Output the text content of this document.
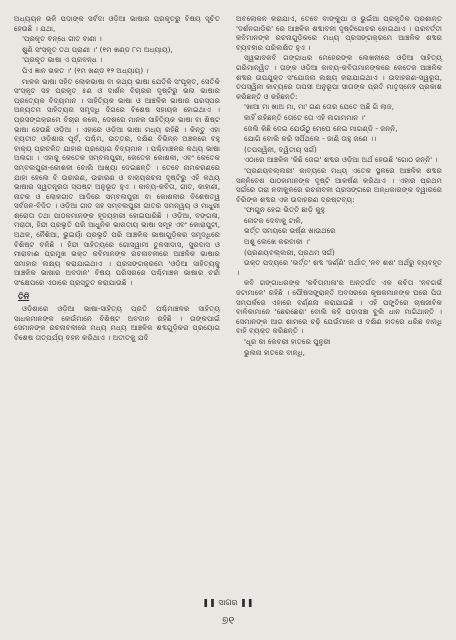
ଅଧ୍ୟୟନ ଭଳି ପଦାଙ୍କ ସର୍ବଦା ଓଡ଼ିଆ ଭାଷାର ପ୍ରକୃତରୁ ବିଷୟ ସୂଚିତ ହେଉଛି । ଯଥା,

'ପ୍ରକୃତ ବନ୍ଧେ ଗୀତ ବାଣୀ ।

ଶୁଣି ସଂସ୍କୃତ ତଥ ପ୍ରାଣୀ ।' (୧ମ ଖଣ୍ଡ ୮ମ ଅଧ୍ୟାୟ),

'ପ୍ରକୃତ ଭାଷା ଏ ପ୍ରବନ୍ଧ ।

ପିଏ ଜ୍ଞାନ ଭକତ ।' (୧ମ ଖଣ୍ଡ ୧୨ ଅଧ୍ୟାୟ) ।

ମାଳକ ଭାଷା ସହିତ ଲୋକଭାଷା ବା କଥ୍ୟ ଭାଷା ଯେତିକି ସଂପୃକ୍ତ, ସେତିକି ସଂସ୍କୃତ ସହ ପ୍ରକୃତ ୫ଣ ଓ ଦାର୍ଶନ ବିଚାରର ଦୃଷ୍ଟିରୁ ଭଲ ଭାଷାର ପ୍ରତ୍ୟେକ ବିଦ୍ୟମାନ । ସାହିତ୍ୟିକ ଭାଷା ଓ ଆଞ୍ଚଳିକ ଭାଷାର ପରସ୍ପର ଅନ୍ୟତମ ସାହିତ୍ୟର ସମୃଦ୍ଧି ଦିଗରେ ବିଶେଷ ସହାୟକ ହୋଇଥାଏ । ପ୍ରସଙ୍ଗକ୍ରମେ ବିଚାର କଲେ, ଦେଶରେ ମାନକ ସାହିତ୍ୟିକ ଭାଷା ବା ଶିଷ୍ଟ ଭାଷା ହେଉଛି ଓଡ଼ିଆ । ଏହାରେ ଓଡ଼ିଆ ଭାଷା ମଧ୍ୟ ରହିଛି । କିନ୍ତୁ ଏହା ବ୍ୟତୀତ ଓଡ଼ିଶାର ପୂର୍ବ, ପଶ୍ଚିମ, ଉତ୍ତର, ଦକ୍ଷିଣ ବିଭିନ୍ନ ଅଞ୍ଚଳରେ ବହୁ ବାକ୍ୟ ପ୍ରଚଳିତ ଯାହାର ପ୍ରୟୋଗ ବିଦ୍ୟମାନ । ପଶ୍ଚିମାଞ୍ଚଳର କଥ୍ୟ ଭାଷା ଅଲଗା । ଏହାକୁ କେତେକ ସମ୍ବଲପୁରୀ, କେତେକ କୋଶଳୀ, ଏବଂ କେତେକ ସମ୍ବଲପୁରୀ-କୋଶଳୀ ବୋଲି ଆଖ୍ୟା ଦେଇଛନ୍ତି । ତେବେ ନାମକରଣରେ ଯାହା ହେଲେ ବି ଉଚ୍ଚାରଣ, ଉଚ୍ଚାରଣ ଓ ବାକ୍ୟରଚନା ଦୃଷ୍ଟିରୁ ଏହି କଥ୍ୟ ଭାଷାର ସ୍ୱତନ୍ତ୍ରତା ସ୍ପଷ୍ଟ ଅନୁଭୂତ ହୁଏ । କାବ୍ୟ-କବିତା, ଗୀତ, କାହାଣୀ, ନାଟକ ଓ ଲୋକଗୀତ ଆଦିରେ ସମ୍ବଲପୁରୀ ବା କୋଶଳୀର ବିଶେଷତ୍ୱ ସର୍ବଜନ-ବିଦିତ । ଓଡ଼ିଆ ଗୀତ ସହ ସମ୍ବଲପୁରୀ ଗୀତର ସମନ୍ୱୟ ଓ ମାଧୁରୀ ଶ୍ରୋତା ତଥା ପାଠକମାନଙ୍କ ହୃଦୟହାରୀ ହୋଇପାରିଛି । ଓଡ଼ିଆ, ବଙ୍ଗଳା, ମରାଠୀ, ହିନ୍ଦୀ ପ୍ରଭୃତି ପରି ଆଧୁନିକ ଭାରତୀୟ ଭାଷା ସମୂହ ଏବଂ କୋରାପୁଟୀ, ଅଥଳ, ନୈଶିଆ, ଭୁଇୟାଁ ପ୍ରଭୃତି ପରି ଆଞ୍ଚଳିକ ଭାଷାଗୁଡ଼ିକର ସମୃଦ୍ଧିରେ ବିଶିଷ୍ଟ ବଳିଛି । ହିନ୍ଦୀ ସାହିତ୍ୟରେ ଗୋସ୍ୱାମୀ ତୁଳସୀଦାସ, ସୁରଦାସ ଓ ମୀରାବାଈ ପ୍ରମୁଖ ଭକ୍ତ କବିମାନଙ୍କ ରଚନାବଳୀରେ ଆଞ୍ଚଳିକ ଭାଷାର ସମାହାର ଲକ୍ଷ୍ୟ କରାଯାଇଥାଏ । ପ୍ରସଙ୍ଗକ୍ରମେ 'ଓଡ଼ିଆ ସାହିତ୍ୟକୁ ଆଞ୍ଚଳିକ ଭାଷାର ଅବଦାନ' ବିଷୟ ପରିସରରେ ପଶ୍ଚିମାଞ୍ଚଳ ଭାଷାର ଚର୍ଚ୍ଚା ସଂକ୍ଷେପରେ ଏଠାରେ ପ୍ରସ୍ତୁତ କରାଯାଉଛି ।

ତିନି

ଓଡ଼ିଶାରେ ଓଡ଼ିଆ ଭାଷା-ସାହିତ୍ୟ ପ୍ରତି ପଶ୍ଚିମାଞ୍ଚଳର ସାହିତ୍ୟ ସାଧକମାନଙ୍କ କେଉଁମାନେ ବିଶିଷ୍ଟ ଅବଦାନ ରହିଛି । ତାଙ୍କପାଇଁ ସେମାନଙ୍କ ରଚନାବଳୀରେ ମଧ୍ୟ ମଧ୍ୟ ଆଞ୍ଚଳିକ ଶବ୍ଦଗୁଡ଼ିକର ପ୍ରୟୋଗ ବିଶେଷ ତାତ୍ପର୍ଯ୍ୟ ବହନ କରିଥାଏ । ଅତୀତକୁ ଯଦି

ଅବଲୋକନ କରାଯାଏ, ତେବେ ବାଙ୍କୁପା ଓ ଭୁଇଁଆ ପ୍ରକୃତିକ ପ୍ରଶାନ୍ତ 'ଦର୍ଶନଗାଡ଼ିର' ରେ ଆଞ୍ଚଳିକ ଶବ୍ଦାବଳୀ ଦୃଷ୍ଟିଗୋଚର ହୋଇଥାଏ । ପରବର୍ତ୍ତୀ କବିମାନଙ୍କ ରଚନାଗୁଡ଼ିକରେ ମଧ୍ୟ ପ୍ରସଙ୍ଗକ୍ରମେ ଆଞ୍ଚଳିକ ଶବ୍ଦର ବ୍ୟବହାର ପରିଲକ୍ଷିତ ହୁଏ ।

ସ୍ୱଭାବକବି ଗଙ୍ଗାଧର ମେହେରଙ୍କ ଲେଖନୀରେ ଓଡ଼ିଆ ସାହିତ୍ୟ ଗରିମାନ୍ୱିତ । ତାଙ୍କ ଓଡ଼ିଆ କାବ୍ୟ-କବିତାମାନଙ୍କରେ କେତେକ ଆଞ୍ଚଳିକ ଶବ୍ଦର ଉପଯୁକ୍ତ ସଂଯୋଜନା ଲକ୍ଷ୍ୟ କରାଯାଇଥାଏ । ଉଦାହରଣ-ସ୍ୱରୂପ, ତପସ୍ୱିନୀ କାବ୍ୟରେ ତାପସୀ ଅନୁରୂପା ସୀତାଙ୍କ ପ୍ରତି ମାତୃସ୍ନେହ ପ୍ରକାଶ କରିଛନ୍ତି ଓ କହିଛନ୍ତି:

'ଖାଆ ମା ଖାଅ ମା, ମା' ଗଣ ତୋର ଯେତେ ଅଛି ଗି ଲାଜ,

କାହିଁ ରହିଛନ୍ତି ତୋତେ ତୋ ଏହି ଲଗାମମାନ ।'

ଜେଲି କିଛି ଦେଇ ଯେଉଁଠୁ ମେଘେ ନେଇ ମାଗଣ୍ଡି - ଜନ୍ନି,

ଯୋଗି ବୋଲି କରି ସର୍ପିଥଲେ - ଜାଣି ତାହୁ ଜଣେ ।।

(ତପସ୍ୱିନୀ, ଦ୍ୱିତୀୟ ସର୍ଗ)

ଏଠାରେ ଆଞ୍ଚଳିକ 'କିଛି ଜେଇ' ଶବ୍ଦର ଓଡ଼ିଆ ଅର୍ଥ ହେଉଛି 'ଗୋଠ ଜନ୍ନି' ।

'ପ୍ରଣୟବଲ୍ଲରୀ' କାବ୍ୟରେ ମଧ୍ୟ ଏତେକ ସ୍ଥଳରେ ଆଞ୍ଚଳିକ ଶବ୍ଦର ସନ୍ନିବେଶ ପାଠକମାନଙ୍କ ଦୃଷ୍ଟି ଆକର୍ଷଣ କରିଥାଏ । ଏହାର ପ୍ରଥମ ସର୍ଗରେ ତାରା ନଦୀକୁଳରେ ରଚନାବଳୀ ପ୍ରସଙ୍ଗରେ ଅନ୍ଧକାରଙ୍କ ଦ୍ୱାରରେ ବିରିଙ୍କ ଶବ୍ଦର ଏକ ଉଦାହରଣ ଦ୍ରଷ୍ଟବ୍ୟ:

'ଫାଗୁନ ହେଇ ଭିତ୍ତି ଛାଡ଼ି କୁହୁ

ନୋଟକ ଦେବାକୁ ଟାକି,

ଭର୍ତ୍ତ ସମୟରେ ଭର୍ଷ୍ଣ ଖାଉଥରେ

ଅଶୁ ଲେଖେ କରବାକୀ ।'

(ପ୍ରଣୟବଲ୍ଲରୀ, ପ୍ରଥମ ସର୍ଗ)

ଉକ୍ତ ପଦ୍ୟରେ 'ଭର୍ତ୍ତ' ଶବ୍ଦ 'ଜର୍ଣ୍ଣି' ଅର୍ଥାତ୍ 'ନବ ଶଶ' ଅର୍ଥରୁ ବ୍ୟବହୃତ ।

କବି ଗଙ୍ଗାଧରଙ୍କ 'କବିତାମାଳା'ର ଅନ୍ତର୍ଗତ ଏକ କବିତା 'ନବଗର୍ଭ ଜଟାମାଳେ' ରହିଛି । ପୌଷସଙ୍କ୍ରାନ୍ତି ଅବସରରେ କୃଷକମାନଙ୍କ ଘରେ ପିତା ସମ୍ପର୍କରେ ଏହାରେ ବର୍ଣ୍ଣନା କରାଯାଇଛି । ଏହି ପଙ୍କ୍ତିରେ ଚାଷଜୀବିକ ବାଳିକାମାନେ 'ଛେରଛେରା' ବୋଲି କହି ପଡ଼ାସଞ୍ଚା ବୁଲି ଧାନ ମାଗିଥାନ୍ତି । ସେମାନଙ୍କ ଆଗ ଶାମରେ ଚଢ଼ି ଯେଉଁମାନେ ଓ ଦକ୍ଷିଣ ହାତରେ ଧରିଛ ବାନ୍ଧି ବାହି ବ୍ୟକ୍ତ କରିଛନ୍ତି ।

'ଧୂର କା କେବରୀ ହାତରେ ପୁନୁରୀ

ଭୁଲନା ହାତରେ ବାନ୍ଧି,

❚❚ ସାଗର ❚❚
୭୧
